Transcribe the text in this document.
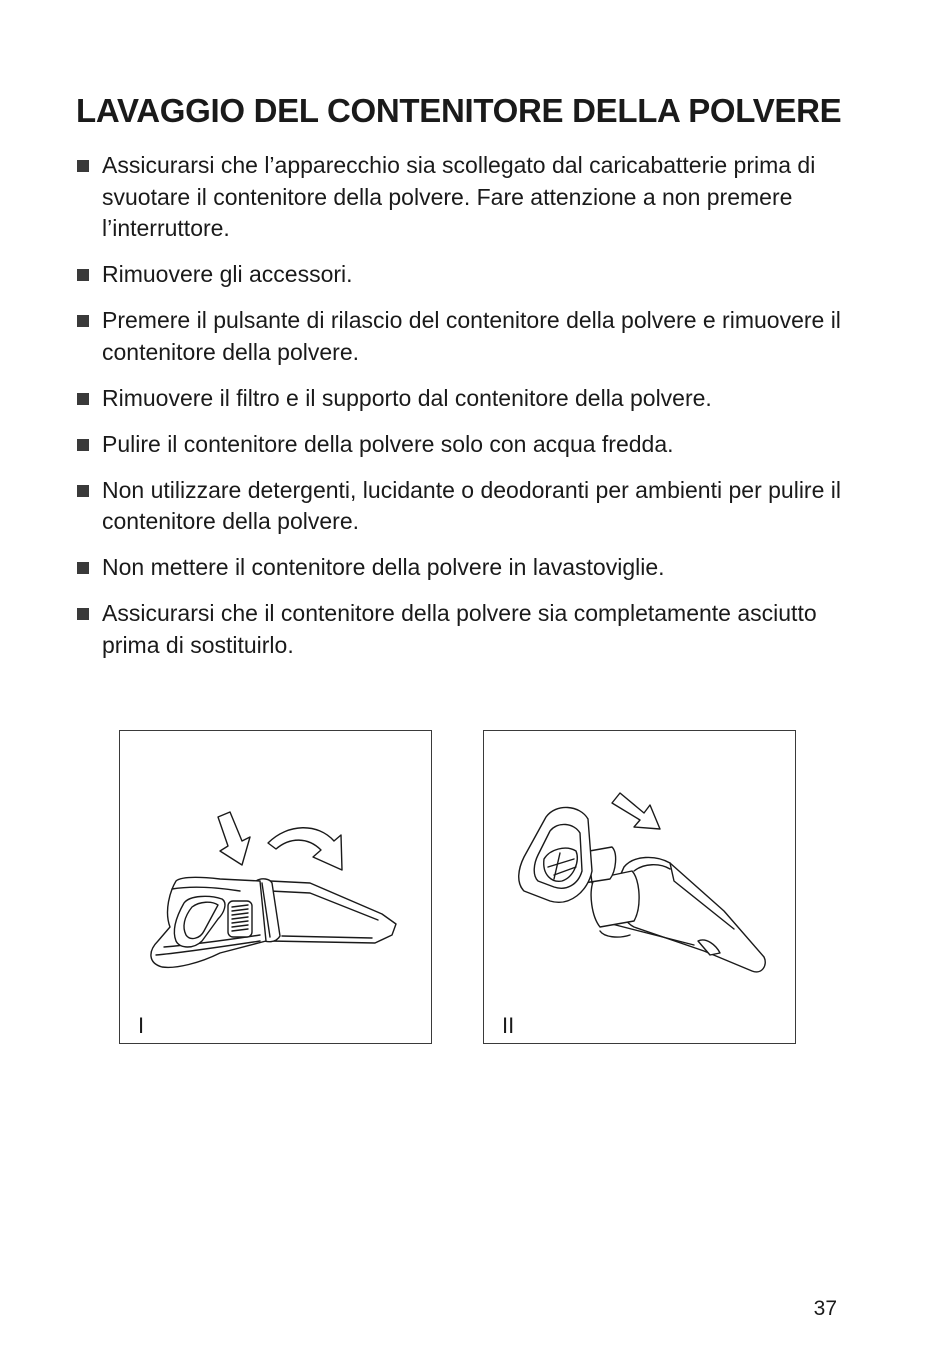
LAVAGGIO DEL CONTENITORE DELLA POLVERE
Assicurarsi che l’apparecchio sia scollegato dal caricabatterie prima di svuotare il contenitore della polvere. Fare attenzione a non premere l’interruttore.
Rimuovere gli accessori.
Premere il pulsante di rilascio del contenitore della polvere e rimuovere il contenitore della polvere.
Rimuovere il filtro e il supporto dal contenitore della polvere.
Pulire il contenitore della polvere solo con acqua fredda.
Non utilizzare detergenti, lucidante o deodoranti per ambienti per pulire il contenitore della polvere.
Non mettere il contenitore della polvere in lavastoviglie.
Assicurarsi che il contenitore della polvere sia completamente asciutto prima di sostituirlo.
I	II
37
